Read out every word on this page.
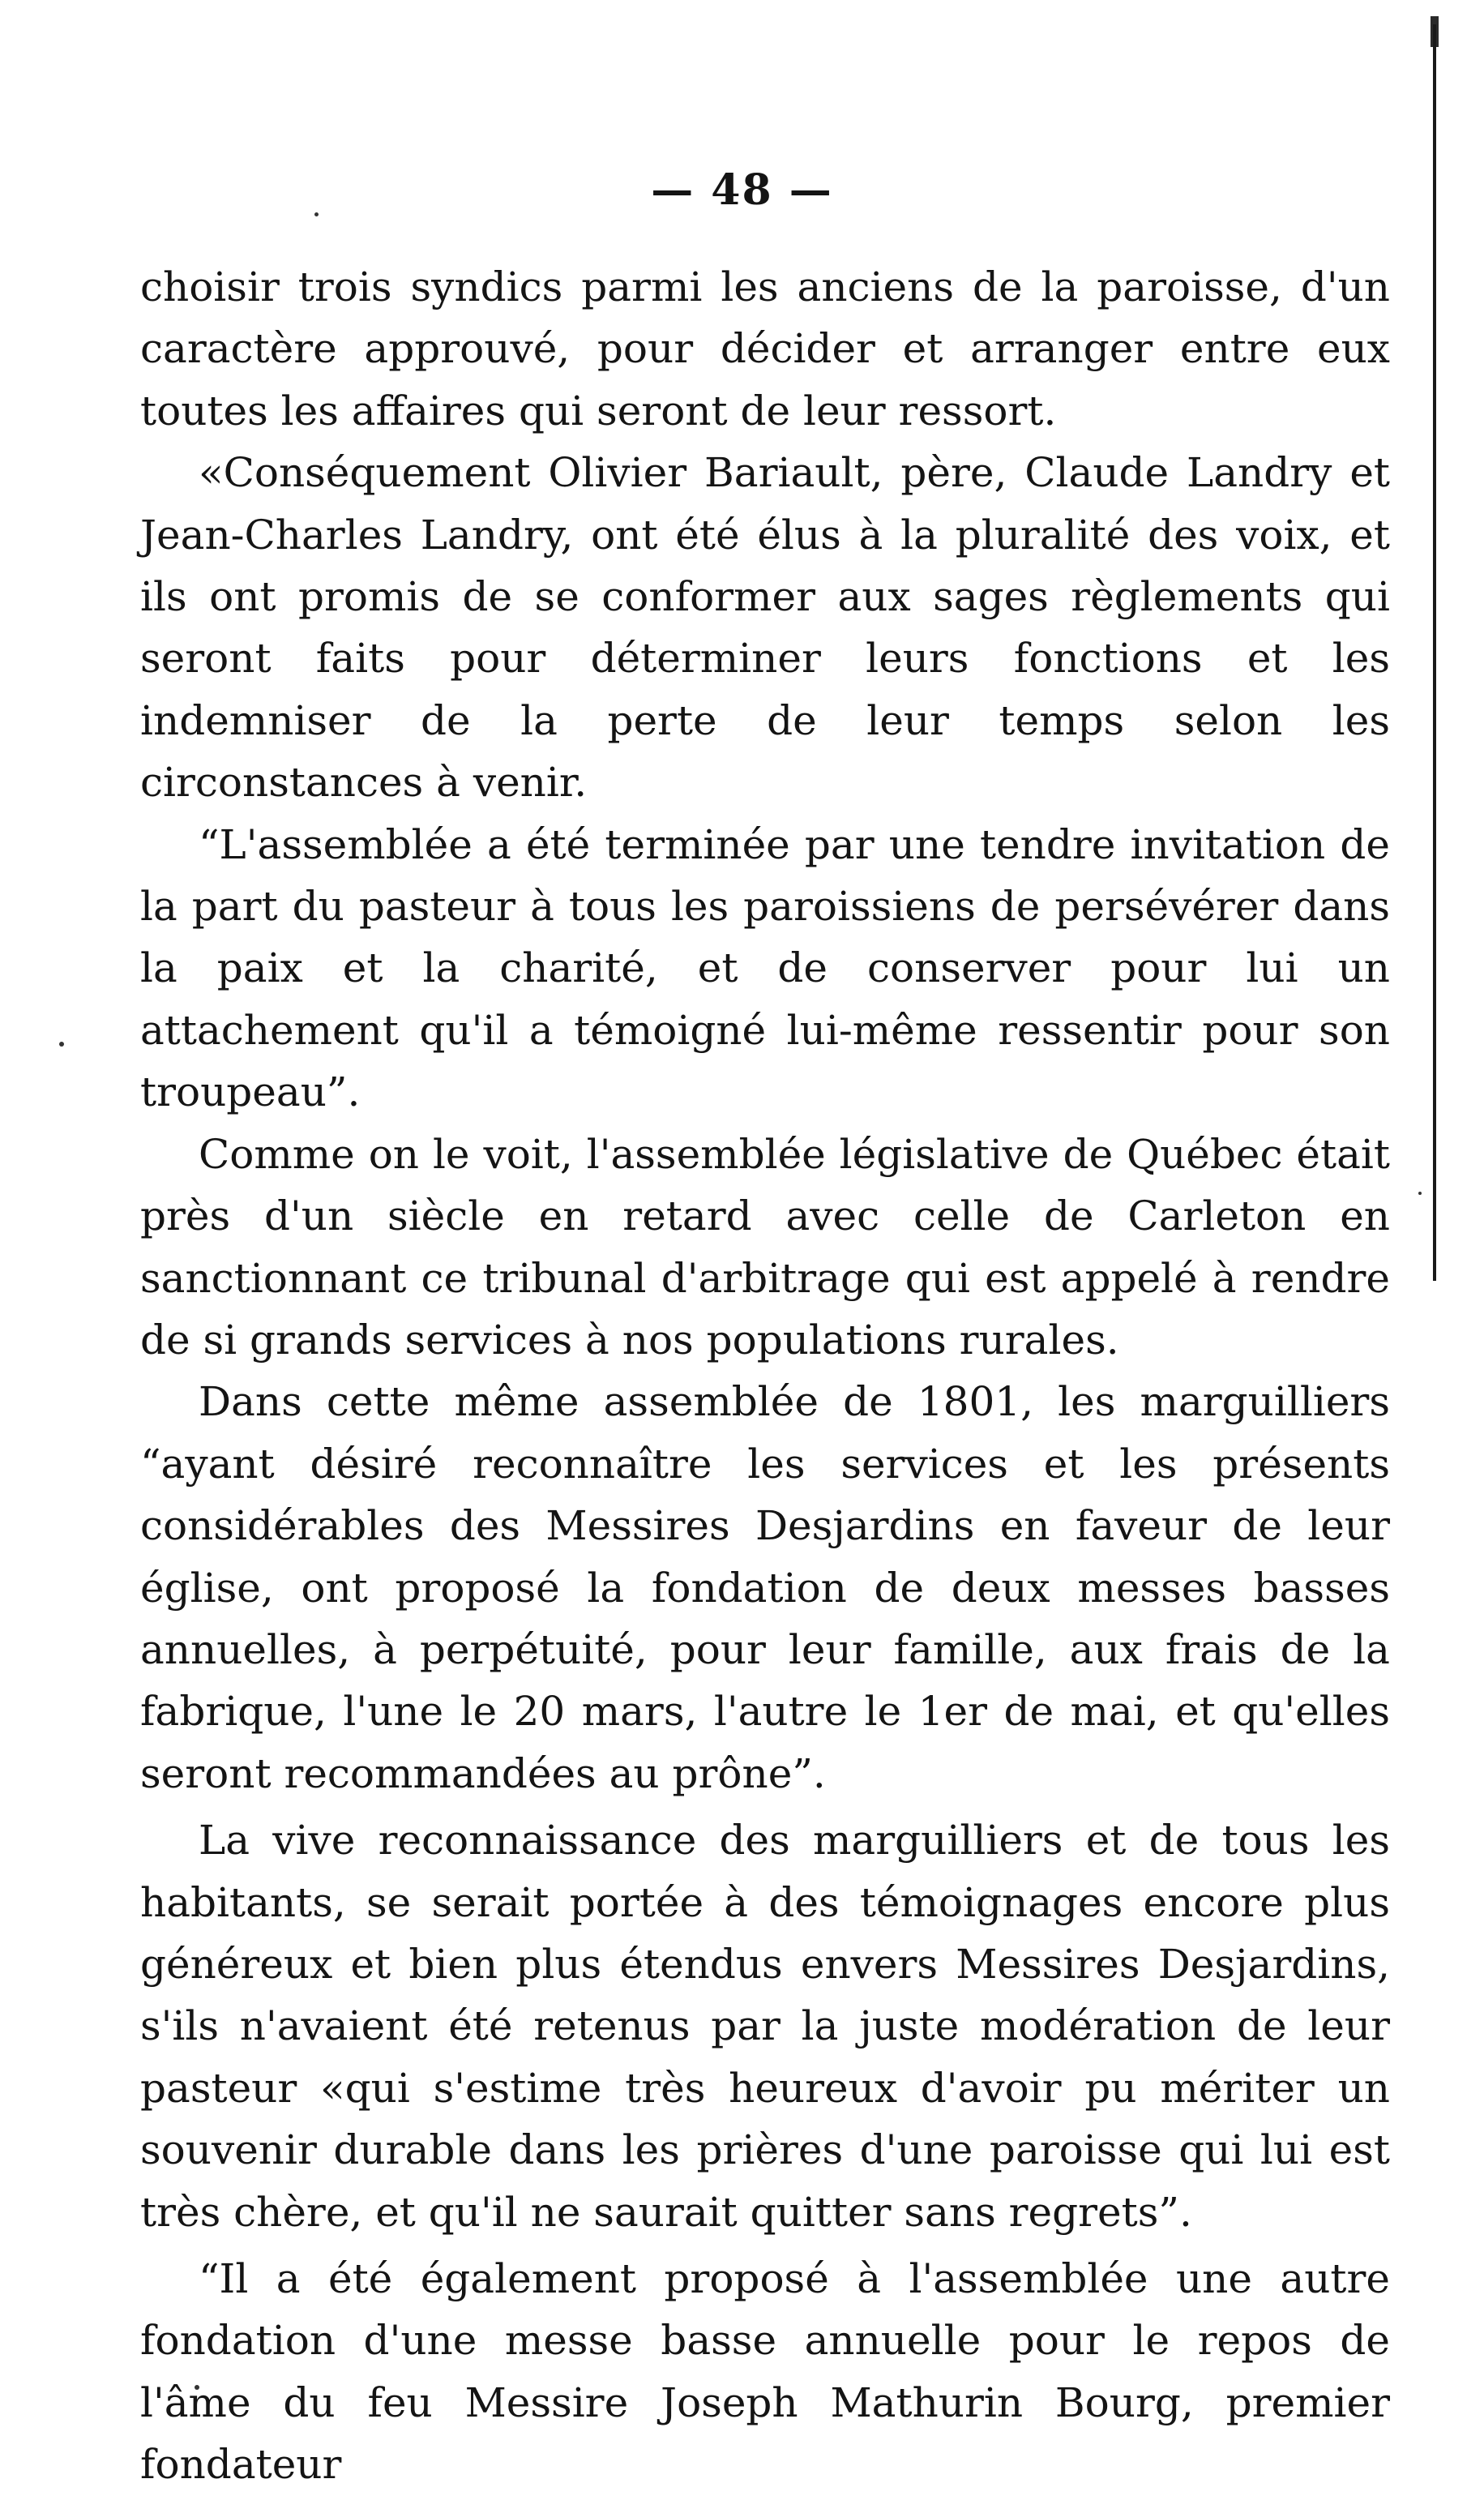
— 48 —

choisir trois syndics parmi les anciens de la paroisse, d'un caractère approuvé, pour décider et arranger entre eux toutes les affaires qui seront de leur ressort.

«Conséquement Olivier Bariault, père, Claude Landry et Jean-Charles Landry, ont été élus à la pluralité des voix, et ils ont promis de se conformer aux sages règlements qui seront faits pour déterminer leurs fonctions et les indemniser de la perte de leur temps selon les circonstances à venir.

“L'assemblée a été terminée par une tendre invitation de la part du pasteur à tous les paroissiens de persévérer dans la paix et la charité, et de conserver pour lui un attachement qu'il a témoigné lui-même ressentir pour son troupeau”.

Comme on le voit, l'assemblée législative de Québec était près d'un siècle en retard avec celle de Carleton en sanctionnant ce tribunal d'arbitrage qui est appelé à rendre de si grands services à nos populations rurales.

Dans cette même assemblée de 1801, les marguilliers “ayant désiré reconnaître les services et les présents considérables des Messires Desjardins en faveur de leur église, ont proposé la fondation de deux messes basses annuelles, à perpétuité, pour leur famille, aux frais de la fabrique, l'une le 20 mars, l'autre le 1er de mai, et qu'elles seront recommandées au prône”.

La vive reconnaissance des marguilliers et de tous les habitants, se serait portée à des témoignages encore plus généreux et bien plus étendus envers Messires Desjardins, s'ils n'avaient été retenus par la juste modération de leur pasteur «qui s'estime très heureux d'avoir pu mériter un souvenir durable dans les prières d'une paroisse qui lui est très chère, et qu'il ne saurait quitter sans regrets”.

“Il a été également proposé à l'assemblée une autre fondation d'une messe basse annuelle pour le repos de l'âme du feu Messire Joseph Mathurin Bourg, premier fondateur
